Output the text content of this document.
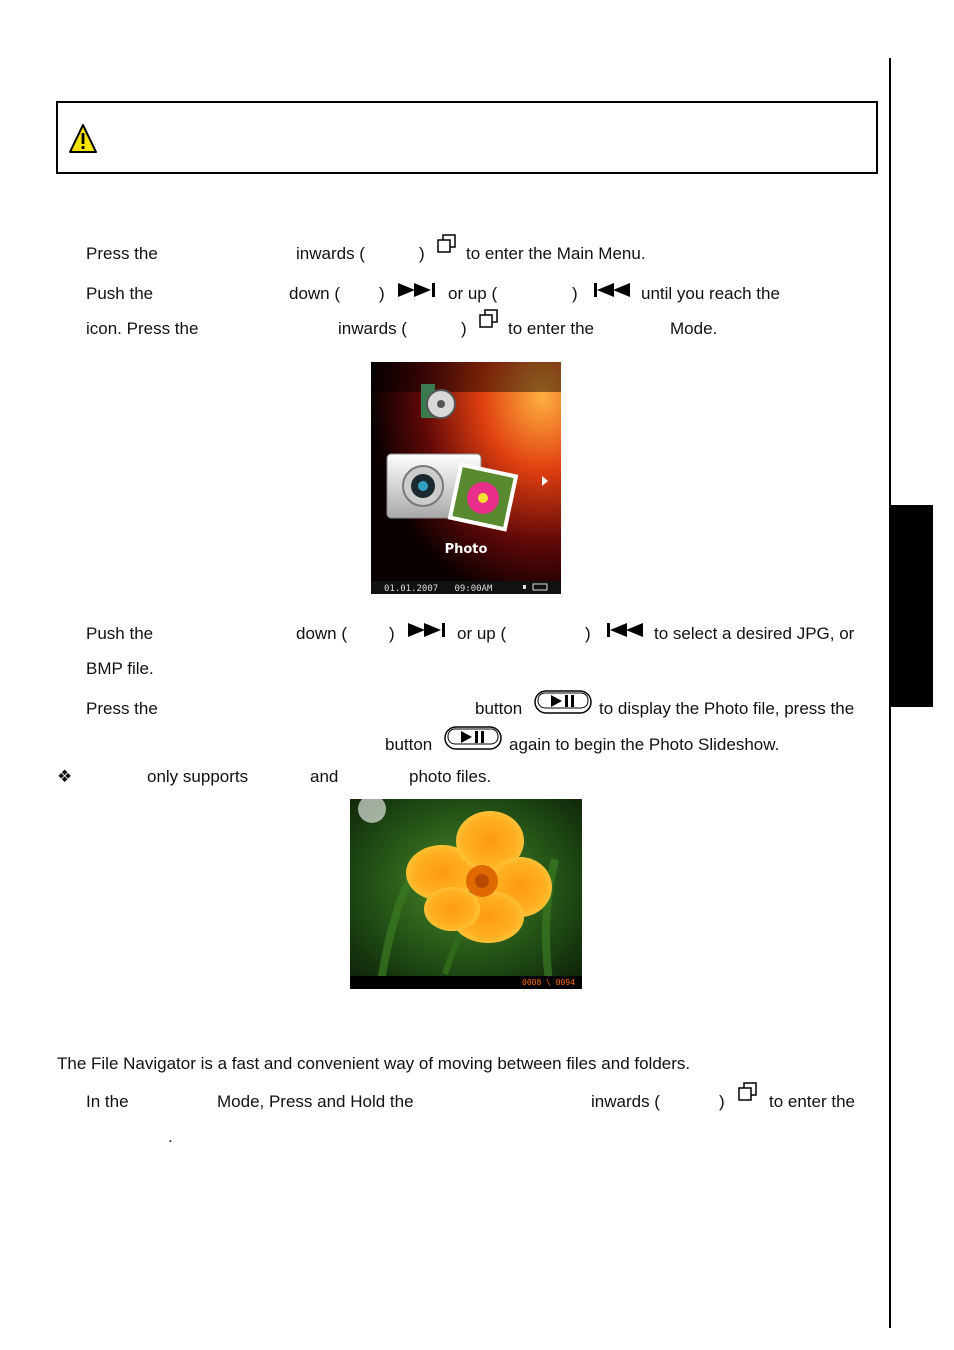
Press the	inwards (	) to enter the Main Menu.
Push the	down ( )	or up (	)	until you reach the
icon. Press the	inwards (	) to enter the	Mode.
Photo
01.01.2007   09:00AM
Push the	down ( )	or up (	)	to select a desired JPG, or
BMP file.
Press the	button	to display the Photo file, press the
button	again to begin the Photo Slideshow.
❖	only supports	and	photo files.
0008 \ 0094
The File Navigator is a fast and convenient way of moving between files and folders.
In the	Mode, Press and Hold the	inwards (	)	to enter the
.
